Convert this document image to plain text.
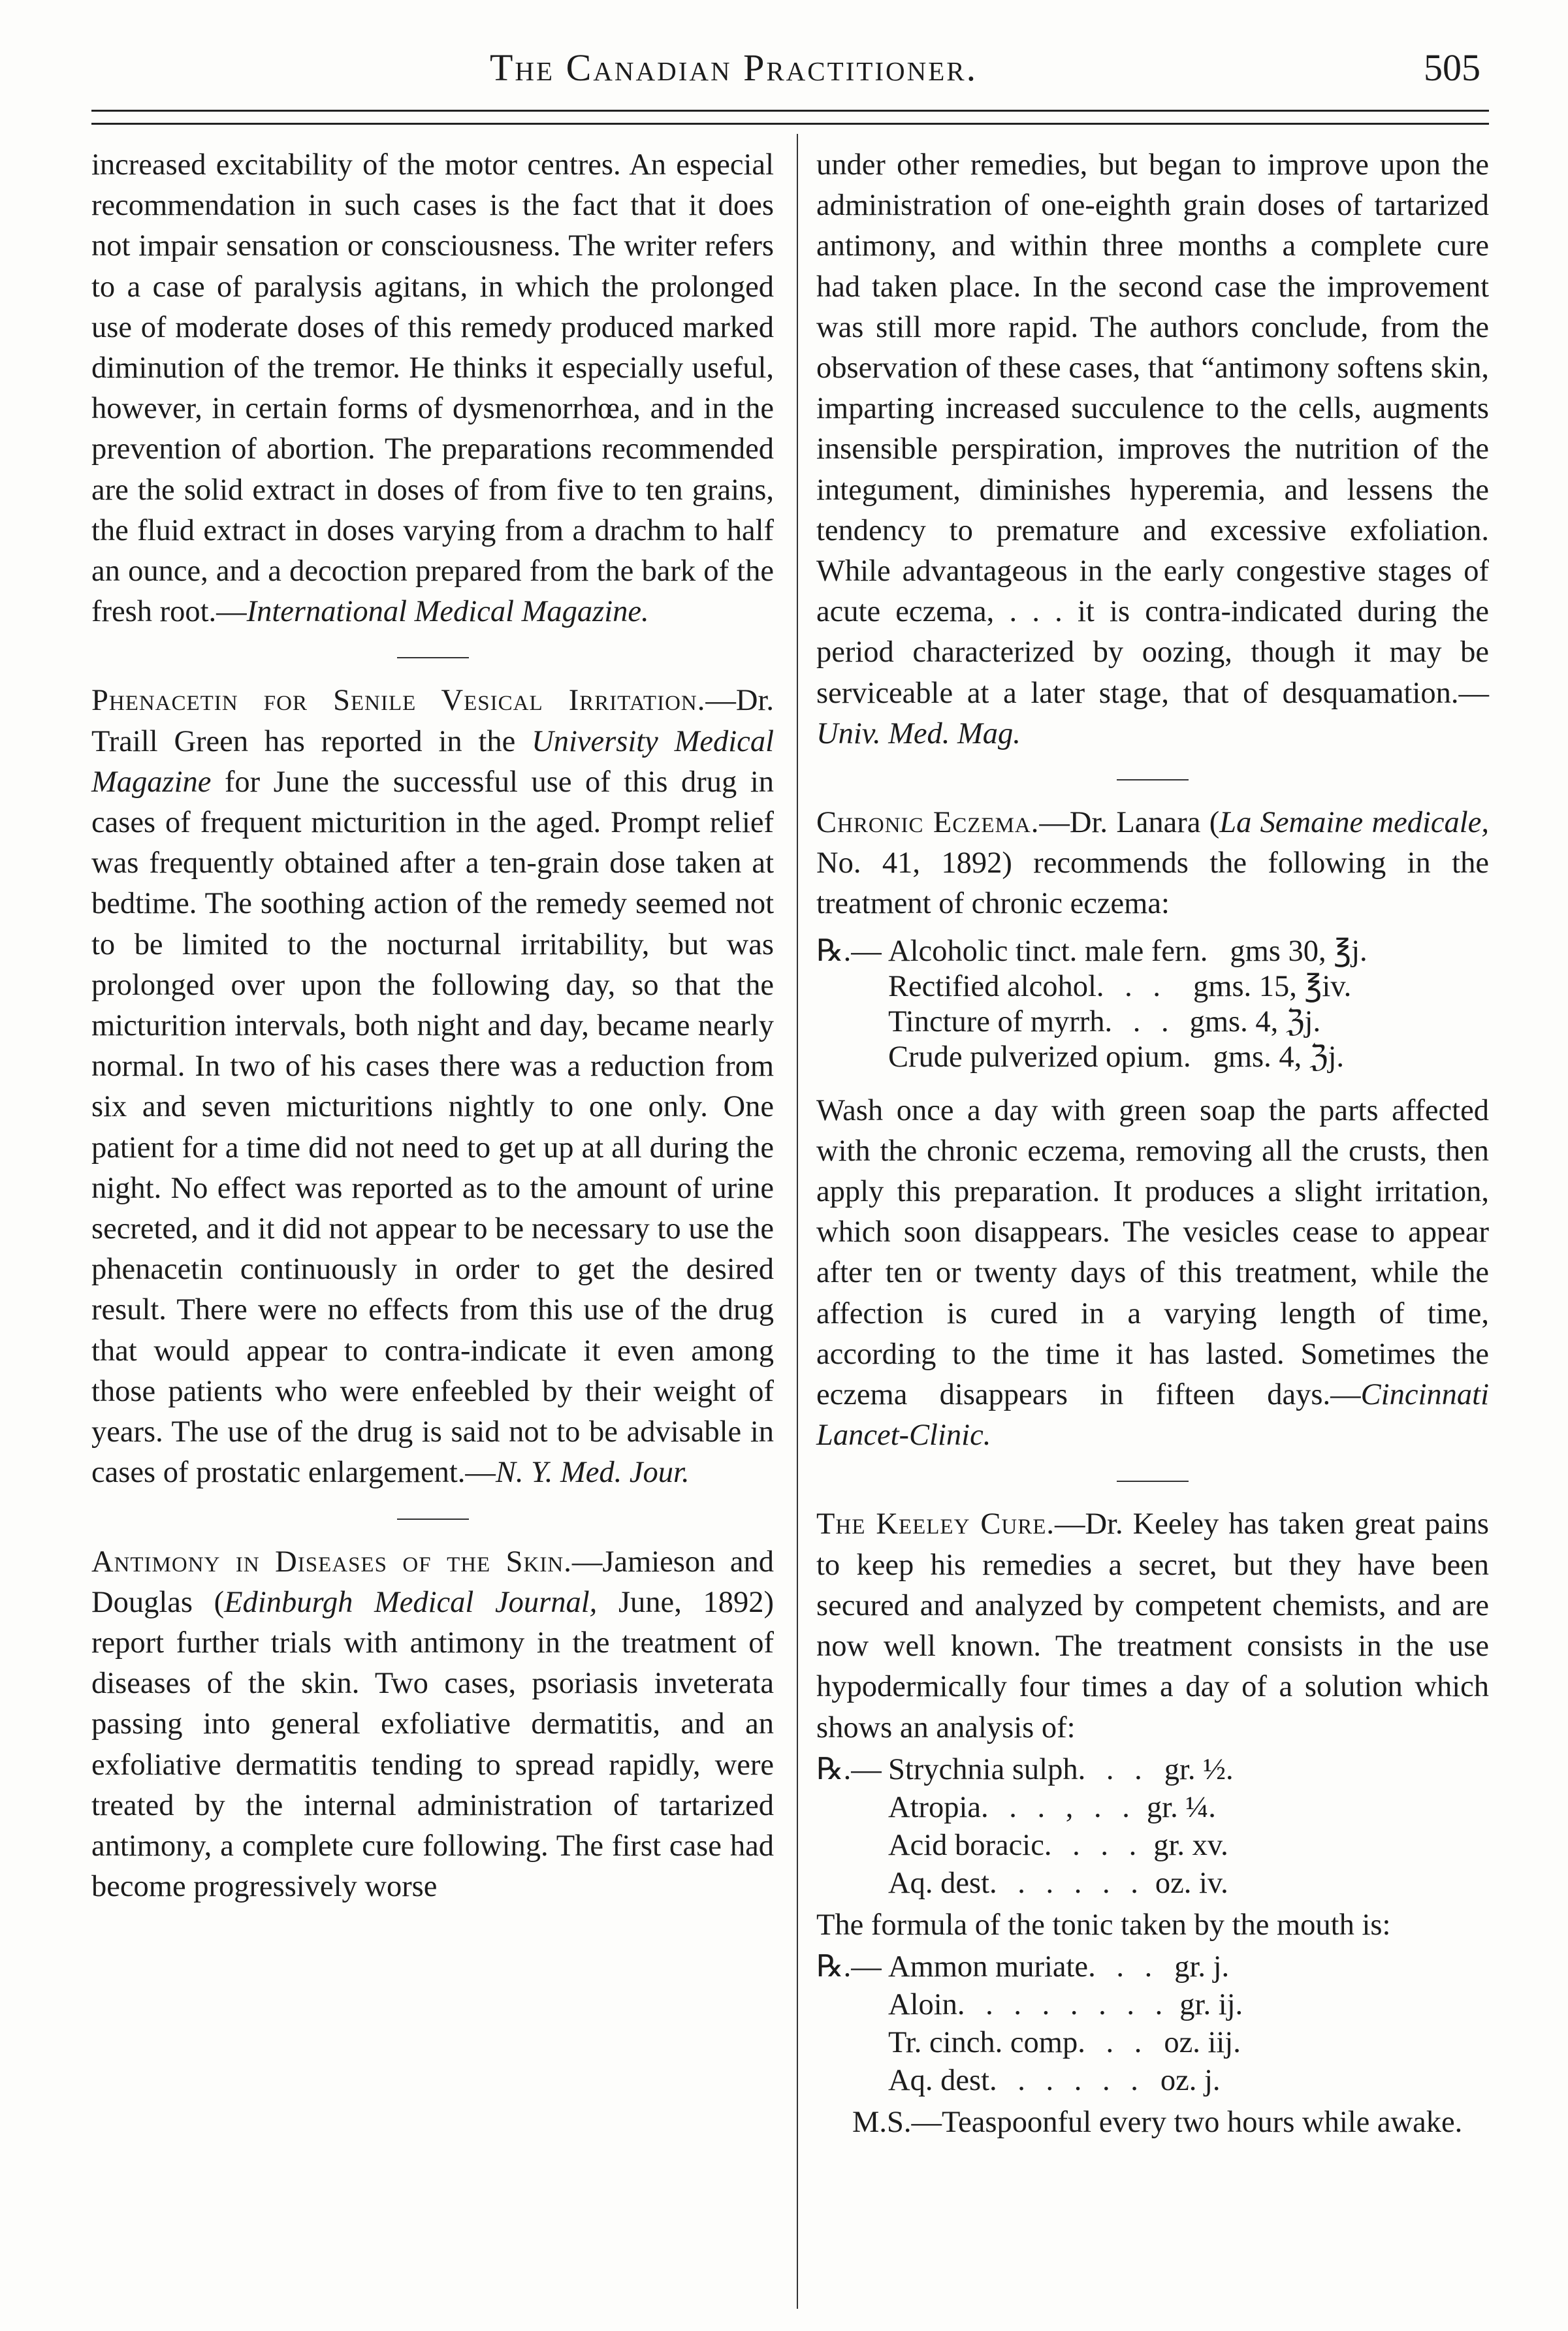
The Canadian Practitioner.	505

increased excitability of the motor centres. An especial recommendation in such cases is the fact that it does not impair sensation or consciousness. The writer refers to a case of paralysis agitans, in which the prolonged use of moderate doses of this remedy produced marked diminution of the tremor. He thinks it especially useful, however, in certain forms of dysmenorrhœa, and in the prevention of abortion. The preparations recommended are the solid extract in doses of from five to ten grains, the fluid extract in doses varying from a drachm to half an ounce, and a decoction prepared from the bark of the fresh root.—International Medical Magazine.

Phenacetin for Senile Vesical Irritation.—Dr. Traill Green has reported in the University Medical Magazine for June the successful use of this drug in cases of frequent micturition in the aged. Prompt relief was frequently obtained after a ten-grain dose taken at bedtime. The soothing action of the remedy seemed not to be limited to the nocturnal irritability, but was prolonged over upon the following day, so that the micturition intervals, both night and day, became nearly normal. In two of his cases there was a reduction from six and seven micturitions nightly to one only. One patient for a time did not need to get up at all during the night. No effect was reported as to the amount of urine secreted, and it did not appear to be necessary to use the phenacetin continuously in order to get the desired result. There were no effects from this use of the drug that would appear to contra-indicate it even among those patients who were enfeebled by their weight of years. The use of the drug is said not to be advisable in cases of prostatic enlargement.—N. Y. Med. Jour.

Antimony in Diseases of the Skin.—Jamieson and Douglas (Edinburgh Medical Journal, June, 1892) report further trials with antimony in the treatment of diseases of the skin. Two cases, psoriasis inveterata passing into general exfoliative dermatitis, and an exfoliative dermatitis tending to spread rapidly, were treated by the internal administration of tartarized antimony, a complete cure following. The first case had become progressively worse

under other remedies, but began to improve upon the administration of one-eighth grain doses of tartarized antimony, and within three months a complete cure had taken place. In the second case the improvement was still more rapid. The authors conclude, from the observation of these cases, that “antimony softens skin, imparting increased succulence to the cells, augments insensible perspiration, improves the nutrition of the integument, diminishes hyperemia, and lessens the tendency to premature and excessive exfoliation. While advantageous in the early congestive stages of acute eczema, . . . it is contra-indicated during the period characterized by oozing, though it may be serviceable at a later stage, that of desquamation.—Univ. Med. Mag.

Chronic Eczema.—Dr. Lanara (La Semaine medicale, No. 41, 1892) recommends the following in the treatment of chronic eczema:

℞.— Alcoholic tinct. male fern . gms 30, ℥j.
Rectified alcohol . . . gms. 15, ℥iv.
Tincture of myrrh . . . gms. 4, ℨj.
Crude pulverized opium . gms. 4, ℨj.

Wash once a day with green soap the parts affected with the chronic eczema, removing all the crusts, then apply this preparation. It produces a slight irritation, which soon disappears. The vesicles cease to appear after ten or twenty days of this treatment, while the affection is cured in a varying length of time, according to the time it has lasted. Sometimes the eczema disappears in fifteen days.—Cincinnati Lancet-Clinic.

The Keeley Cure.—Dr. Keeley has taken great pains to keep his remedies a secret, but they have been secured and analyzed by competent chemists, and are now well known. The treatment consists in the use hypodermically four times a day of a solution which shows an analysis of:

℞.— Strychnia sulph . . . gr. ½.
Atropia . . . , . . gr. ¼.
Acid boracic . . . . gr. xv.
Aq. dest . . . . . . oz. iv.

The formula of the tonic taken by the mouth is:

℞.— Ammon muriate . . . gr. j.
Aloin . . . . . . . . gr. ij.
Tr. cinch. comp . . . oz. iij.
Aq. dest . . . . . . oz. j.

M.S.—Teaspoonful every two hours while awake.
